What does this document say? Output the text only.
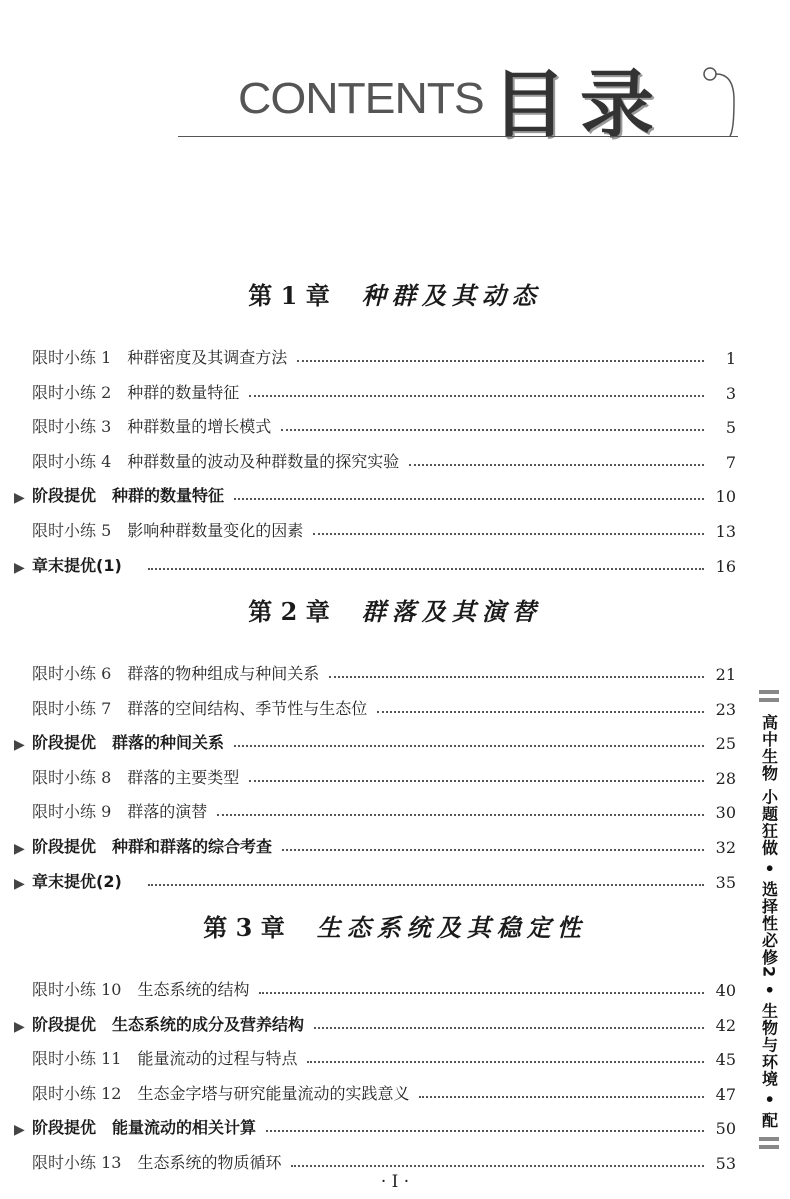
CONTENTS 目录
第 1 章 种群及其动态
限时小练 1 种群密度及其调查方法	1
限时小练 2 种群的数量特征	3
限时小练 3 种群数量的增长模式	5
限时小练 4 种群数量的波动及种群数量的探究实验	7
▶ 阶段提优 种群的数量特征	10
限时小练 5 影响种群数量变化的因素	13
▶ 章末提优(1)	16
第 2 章 群落及其演替
限时小练 6 群落的物种组成与种间关系	21
限时小练 7 群落的空间结构、季节性与生态位	23
▶ 阶段提优 群落的种间关系	25
限时小练 8 群落的主要类型	28
限时小练 9 群落的演替	30
▶ 阶段提优 种群和群落的综合考查	32
▶ 章末提优(2)	35
第 3 章 生态系统及其稳定性
限时小练 10 生态系统的结构	40
▶ 阶段提优 生态系统的成分及营养结构	42
限时小练 11 能量流动的过程与特点	45
限时小练 12 生态金字塔与研究能量流动的实践意义	47
▶ 阶段提优 能量流动的相关计算	50
限时小练 13 生态系统的物质循环	53
高中生物 小题狂做 • 选择性必修2 • 生物与环境 • 配
· I ·
